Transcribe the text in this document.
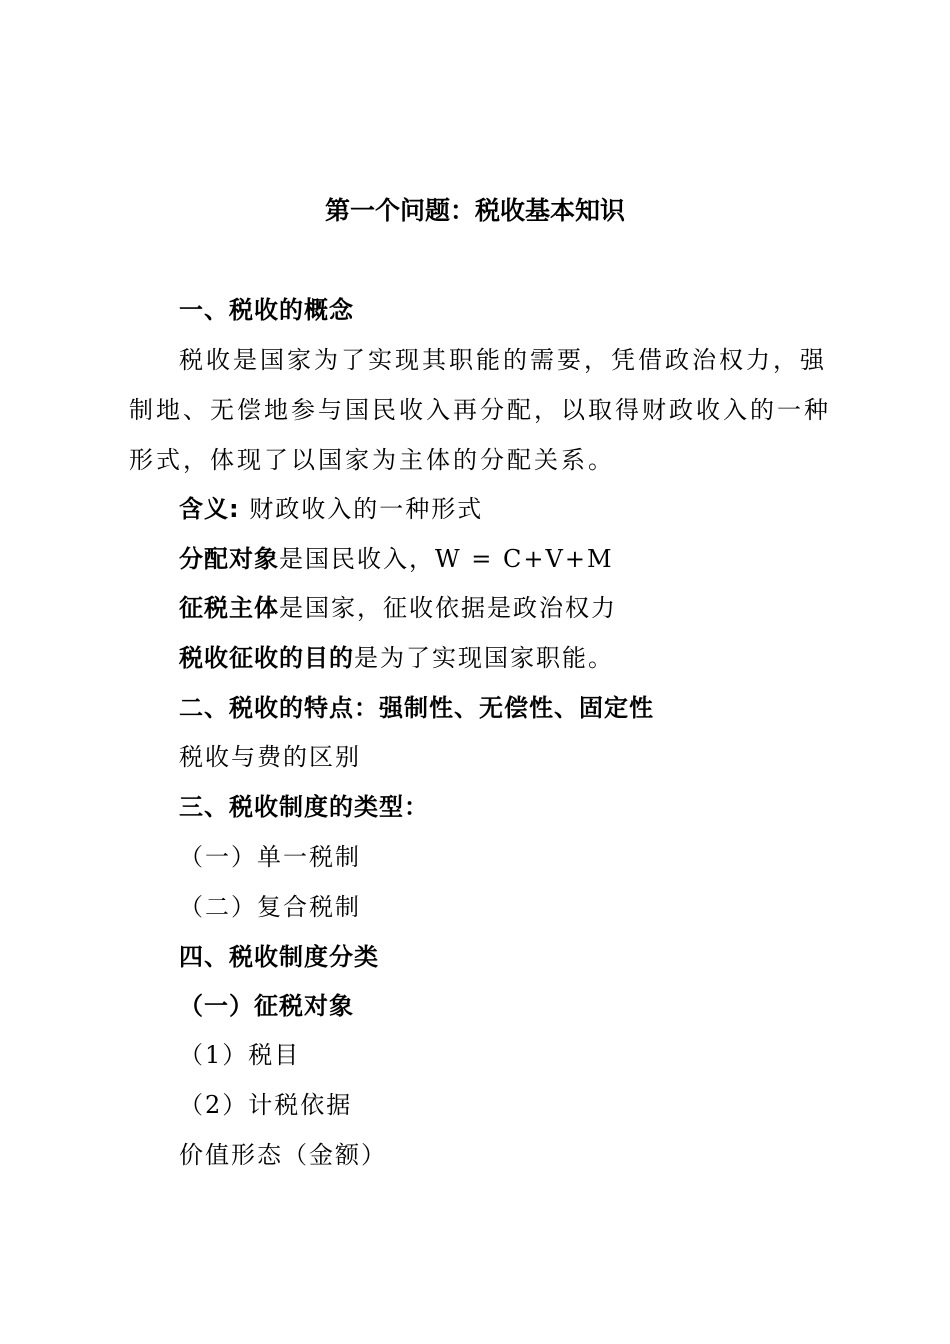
第一个问题：税收基本知识
一、税收的概念
税收是国家为了实现其职能的需要，凭借政治权力，强制地、无偿地参与国民收入再分配，以取得财政收入的一种形式，体现了以国家为主体的分配关系。
含义: 财政收入的一种形式
分配对象是国民收入，W = C+V+M
征税主体是国家，征收依据是政治权力
税收征收的目的是为了实现国家职能。
二、税收的特点：强制性、无偿性、固定性
税收与费的区别
三、税收制度的类型：
（一）单一税制
（二）复合税制
四、税收制度分类
（一）征税对象
（1）税目
（2）计税依据
价值形态（金额）
